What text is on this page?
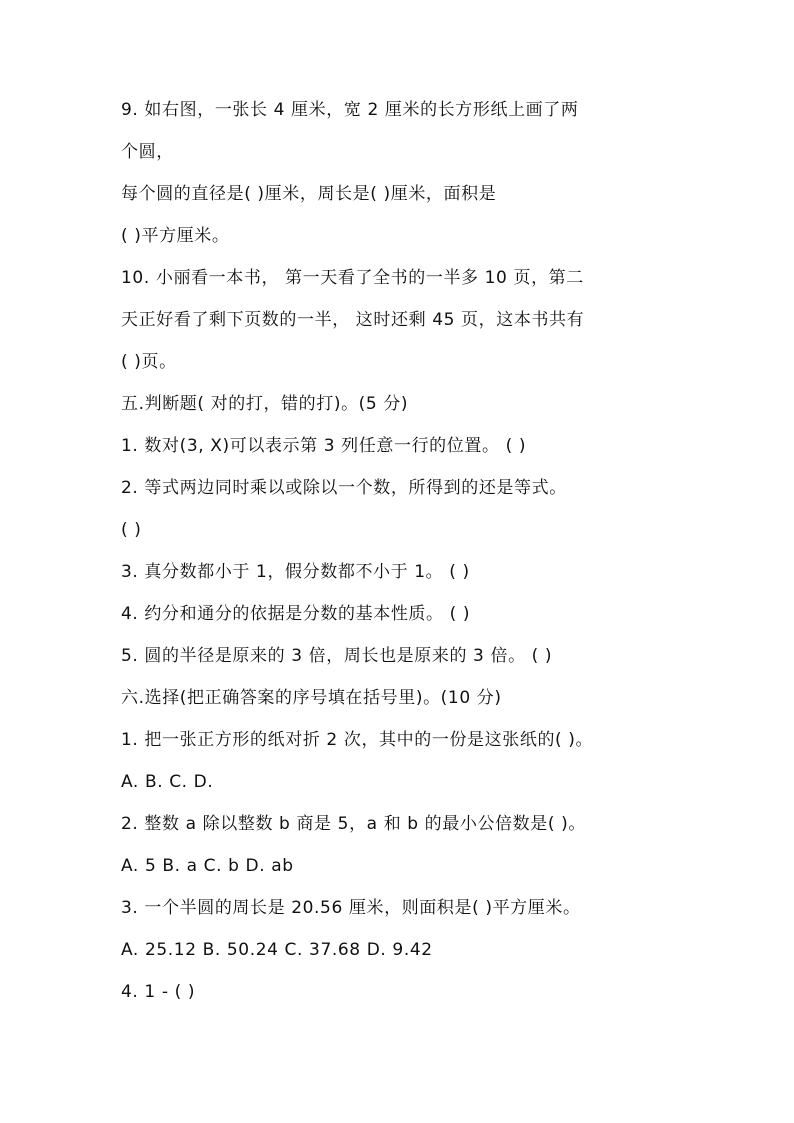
9. 如右图，一张长 4 厘米，宽 2 厘米的长方形纸上画了两
个圆，
每个圆的直径是( )厘米，周长是( )厘米，面积是
( )平方厘米。
10. 小丽看一本书， 第一天看了全书的一半多 10 页，第二
天正好看了剩下页数的一半， 这时还剩 45 页，这本书共有
( )页。
五.判断题( 对的打，错的打)。(5 分)
1. 数对(3, X)可以表示第 3 列任意一行的位置。 ( )
2. 等式两边同时乘以或除以一个数，所得到的还是等式。
( )
3. 真分数都小于 1，假分数都不小于 1。 ( )
4. 约分和通分的依据是分数的基本性质。 ( )
5. 圆的半径是原来的 3 倍，周长也是原来的 3 倍。 ( )
六.选择(把正确答案的序号填在括号里)。(10 分)
1. 把一张正方形的纸对折 2 次，其中的一份是这张纸的( )。
A. B. C. D.
2. 整数 a 除以整数 b 商是 5，a 和 b 的最小公倍数是( )。
A. 5 B. a C. b D. ab
3. 一个半圆的周长是 20.56 厘米，则面积是( )平方厘米。
A. 25.12 B. 50.24 C. 37.68 D. 9.42
4. 1 - ( )
